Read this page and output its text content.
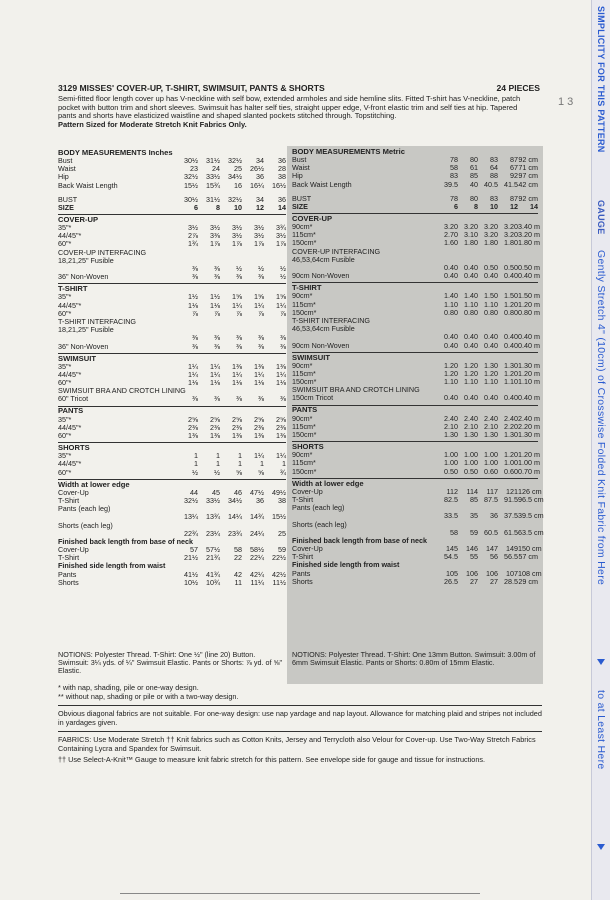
SIMPLICITY FOR THIS PATTERN
GAUGE
Gently Stretch 4" (10cm) of Crosswise Folded Knit Fabric from Here
to at Least Here
1 3
3129 MISSES' COVER-UP, T-SHIRT, SWIMSUIT, PANTS & SHORTS	24 PIECES
Semi-fitted floor length cover up has V-neckline with self bow, extended armholes and side hemline slits. Fitted T-shirt has V-neckline, patch pocket with button trim and short sleeves. Swimsuit has halter self ties, straight upper edge, V-front elastic trim and self ties at hip. Tapered pants and shorts have elasticized waistline and shaped slanted pockets stitched through. Topstitching.
Pattern Sized for Moderate Stretch Knit Fabrics Only.
BODY MEASUREMENTS Inches
Bust	30½	31½	32½	34	36
Waist	23	24	25	26½	28
Hip	32½	33½	34½	36	38
Back Waist Length	15½	15¾	16	16¼	16½
BUST	30½	31½	32½	34	36
SIZE	6	8	10	12	14
COVER-UP
35"*	3½	3½	3½	3½	3¾
44/45"*	2⅞	3⅜	3½	3½	3½
60"*	1¾	1⅞	1⅞	1⅞	1⅞
COVER-UP INTERFACING
18,21,25" Fusible
⅜	⅜	½	½	½
36" Non-Woven	⅜	⅜	⅜	⅜	½
T-SHIRT
35"*	1½	1½	1⅝	1⅝	1⅝
44/45"*	1⅛	1⅛	1¼	1¼	1¼
60"*	⅞	⅞	⅞	⅞	⅞
T-SHIRT INTERFACING
18,21,25" Fusible
⅜	⅜	⅜	⅜	⅜
36" Non-Woven	⅜	⅜	⅜	⅜	⅜
SWIMSUIT
35"*	1¼	1¼	1⅜	1⅜	1⅜
44/45"*	1¼	1¼	1¼	1¼	1¼
60"*	1⅛	1⅛	1⅛	1⅛	1⅛
SWIMSUIT BRA AND CROTCH LINING
60" Tricot	⅜	⅜	⅜	⅜	⅜
PANTS
35"*	2⅝	2⅝	2⅝	2⅝	2⅝
44/45"*	2⅜	2⅜	2⅜	2⅜	2⅜
60"*	1⅜	1⅜	1⅜	1⅜	1⅜
SHORTS
35"*	1	1	1	1¼	1¼
44/45"*	1	1	1	1	1
60"*	½	½	⅝	⅝	¾
Width at lower edge
Cover-Up	44	45	46	47½	49½
T-Shirt	32½	33½	34½	36	38
Pants (each leg)
13¼	13¾	14¼	14¾	15½
Shorts (each leg)
22¾	23¼	23¾	24¼	25
Finished back length from base of neck
Cover-Up	57	57½	58	58½	59
T-Shirt	21½	21¾	22	22¼	22½
Finished side length from waist
Pants	41½	41¾	42	42¼	42½
Shorts	10½	10¾	11	11¼	11½
BODY MEASUREMENTS Metric
Bust	78	80	83	87 92 cm
Waist	58	61	64	67 71 cm
Hip	83	85	88	92 97 cm
Back Waist Length	39.5	40 40.5 41.5 42 cm
BUST	78	80	83	87 92 cm
SIZE	6	8	10	12	14
COVER-UP
90cm*	3.20 3.20 3.20 3.20 3.40 m
115cm*	2.70 3.10 3.20 3.20 3.20 m
150cm*	1.60 1.80 1.80 1.80 1.80 m
COVER-UP INTERFACING
46,53,64cm Fusible
0.40 0.40 0.50 0.50 0.50 m
90cm Non-Woven	0.40 0.40 0.40 0.40 0.40 m
T-SHIRT
90cm*	1.40 1.40 1.50 1.50 1.50 m
115cm*	1.10 1.10 1.10 1.20 1.20 m
150cm*	0.80 0.80 0.80 0.80 0.80 m
T-SHIRT INTERFACING
46,53,64cm Fusible
0.40 0.40 0.40 0.40 0.40 m
90cm Non-Woven	0.40 0.40 0.40 0.40 0.40 m
SWIMSUIT
90cm*	1.20 1.20 1.30 1.30 1.30 m
115cm*	1.20 1.20 1.20 1.20 1.20 m
150cm*	1.10 1.10 1.10 1.10 1.10 m
SWIMSUIT BRA AND CROTCH LINING
150cm Tricot	0.40 0.40 0.40 0.40 0.40 m
PANTS
90cm*	2.40 2.40 2.40 2.40 2.40 m
115cm*	2.10 2.10 2.10 2.20 2.20 m
150cm*	1.30 1.30 1.30 1.30 1.30 m
SHORTS
90cm*	1.00 1.00 1.00 1.20 1.20 m
115cm*	1.00 1.00 1.00 1.00 1.00 m
150cm*	0.50 0.50 0.60 0.60 0.70 m
Width at lower edge
Cover-Up	112	114	117	121 126 cm
T-Shirt	82.5	85 87.5 91.5 96.5 cm
Pants (each leg)
33.5	35	36 37.5 39.5 cm
Shorts (each leg)
58	59 60.5 61.5 63.5 cm
Finished back length from base of neck
Cover-Up	145	146	147	149 150 cm
T-Shirt	54.5	55	56 56.5 57 cm
Finished side length from waist
Pants	105	106	106	107 108 cm
Shorts	26.5	27	27 28.5 29 cm
NOTIONS: Polyester Thread. T-Shirt: One ½" (line 20) Button. Swimsuit: 3¼ yds. of ¼" Swimsuit Elastic. Pants or Shorts: ⅞ yd. of ⅝" Elastic.
NOTIONS: Polyester Thread. T-Shirt: One 13mm Button. Swimsuit: 3.00m of 6mm Swimsuit Elastic. Pants or Shorts: 0.80m of 15mm Elastic.

* with nap, shading, pile or one-way design.

** without nap, shading or pile or with a two-way design.

Obvious diagonal fabrics are not suitable. For one-way design: use nap yardage and nap layout. Allowance for matching plaid and stripes not included in yardages given.

FABRICS: Use Moderate Stretch †† Knit fabrics such as Cotton Knits, Jersey and Terrycloth also Velour for Cover-up. Use Two-Way Stretch Fabrics Containing Lycra and Spandex for Swimsuit.

†† Use Select-A-Knit™ Gauge to measure knit fabric stretch for this pattern. See envelope side for gauge and tissue for instructions.
